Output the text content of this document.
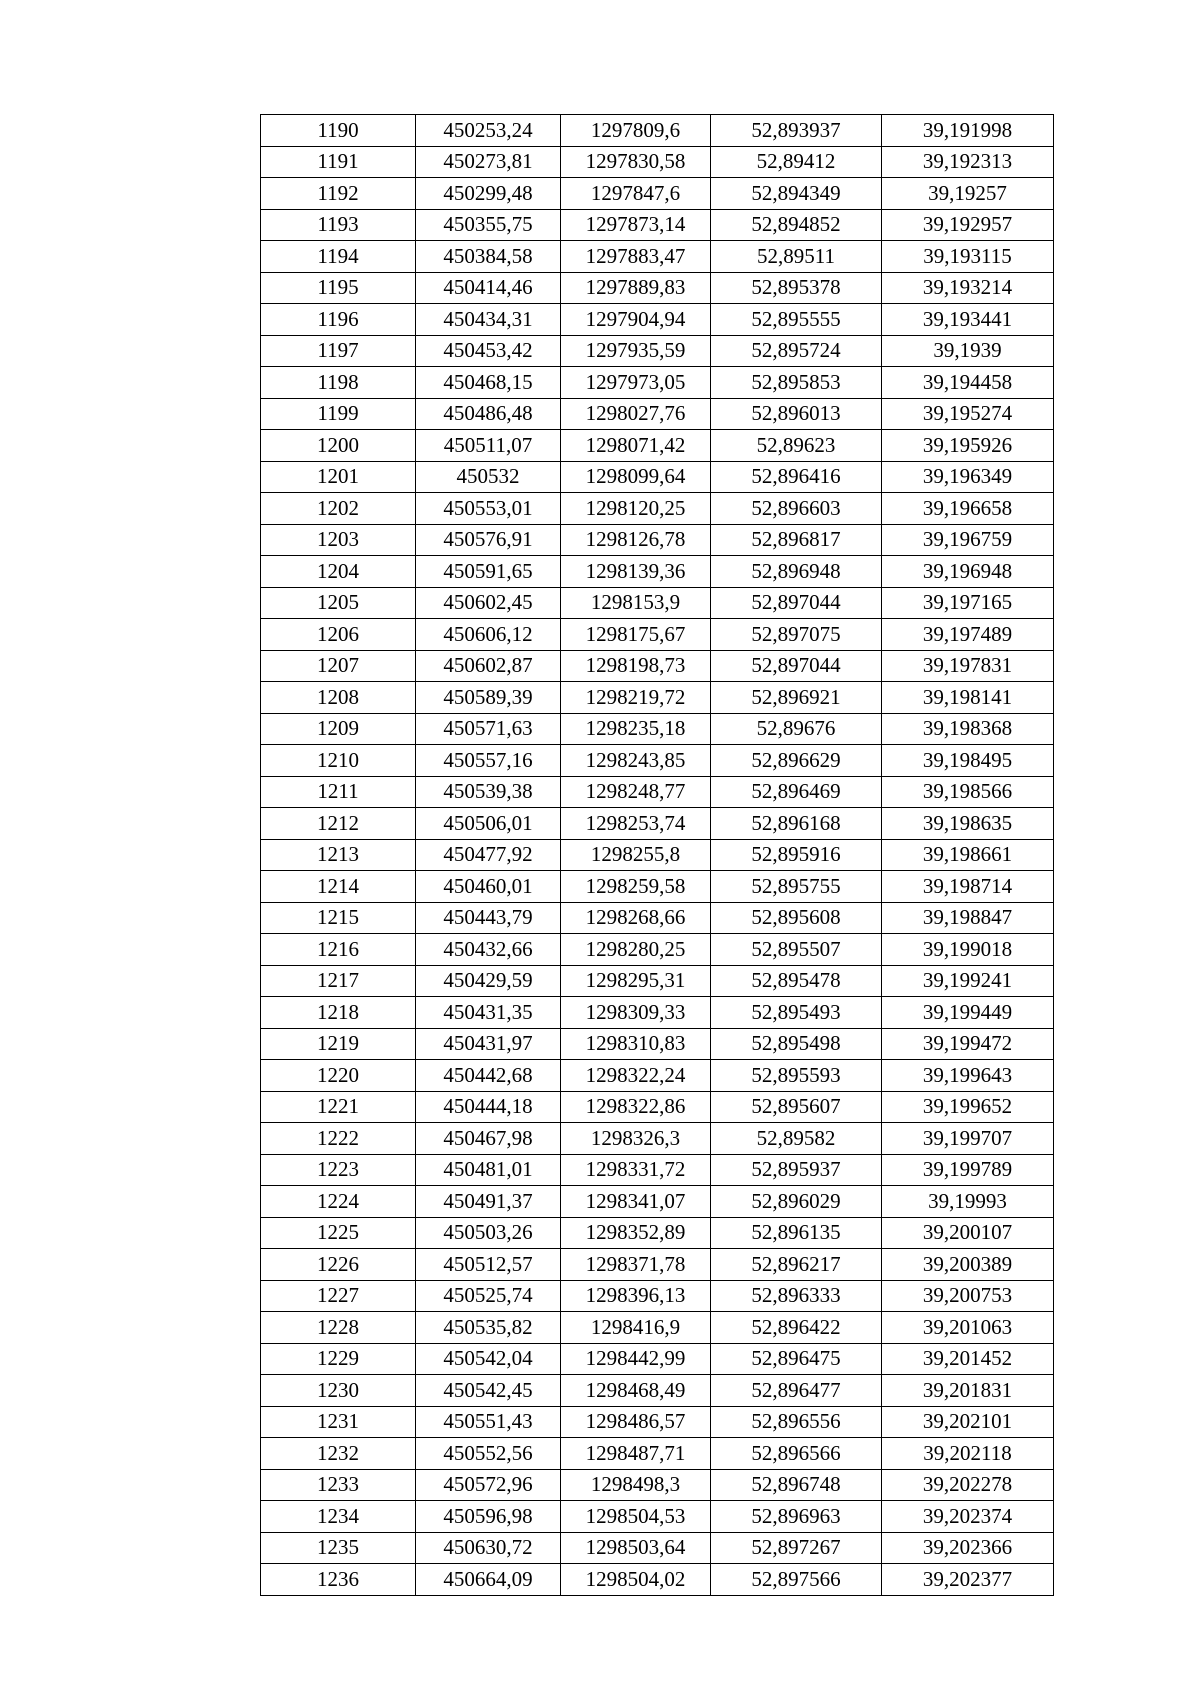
1190	450253,24	1297809,6	52,893937	39,191998
1191	450273,81	1297830,58	52,89412	39,192313
1192	450299,48	1297847,6	52,894349	39,19257
1193	450355,75	1297873,14	52,894852	39,192957
1194	450384,58	1297883,47	52,89511	39,193115
1195	450414,46	1297889,83	52,895378	39,193214
1196	450434,31	1297904,94	52,895555	39,193441
1197	450453,42	1297935,59	52,895724	39,1939
1198	450468,15	1297973,05	52,895853	39,194458
1199	450486,48	1298027,76	52,896013	39,195274
1200	450511,07	1298071,42	52,89623	39,195926
1201	450532	1298099,64	52,896416	39,196349
1202	450553,01	1298120,25	52,896603	39,196658
1203	450576,91	1298126,78	52,896817	39,196759
1204	450591,65	1298139,36	52,896948	39,196948
1205	450602,45	1298153,9	52,897044	39,197165
1206	450606,12	1298175,67	52,897075	39,197489
1207	450602,87	1298198,73	52,897044	39,197831
1208	450589,39	1298219,72	52,896921	39,198141
1209	450571,63	1298235,18	52,89676	39,198368
1210	450557,16	1298243,85	52,896629	39,198495
1211	450539,38	1298248,77	52,896469	39,198566
1212	450506,01	1298253,74	52,896168	39,198635
1213	450477,92	1298255,8	52,895916	39,198661
1214	450460,01	1298259,58	52,895755	39,198714
1215	450443,79	1298268,66	52,895608	39,198847
1216	450432,66	1298280,25	52,895507	39,199018
1217	450429,59	1298295,31	52,895478	39,199241
1218	450431,35	1298309,33	52,895493	39,199449
1219	450431,97	1298310,83	52,895498	39,199472
1220	450442,68	1298322,24	52,895593	39,199643
1221	450444,18	1298322,86	52,895607	39,199652
1222	450467,98	1298326,3	52,89582	39,199707
1223	450481,01	1298331,72	52,895937	39,199789
1224	450491,37	1298341,07	52,896029	39,19993
1225	450503,26	1298352,89	52,896135	39,200107
1226	450512,57	1298371,78	52,896217	39,200389
1227	450525,74	1298396,13	52,896333	39,200753
1228	450535,82	1298416,9	52,896422	39,201063
1229	450542,04	1298442,99	52,896475	39,201452
1230	450542,45	1298468,49	52,896477	39,201831
1231	450551,43	1298486,57	52,896556	39,202101
1232	450552,56	1298487,71	52,896566	39,202118
1233	450572,96	1298498,3	52,896748	39,202278
1234	450596,98	1298504,53	52,896963	39,202374
1235	450630,72	1298503,64	52,897267	39,202366
1236	450664,09	1298504,02	52,897566	39,202377
